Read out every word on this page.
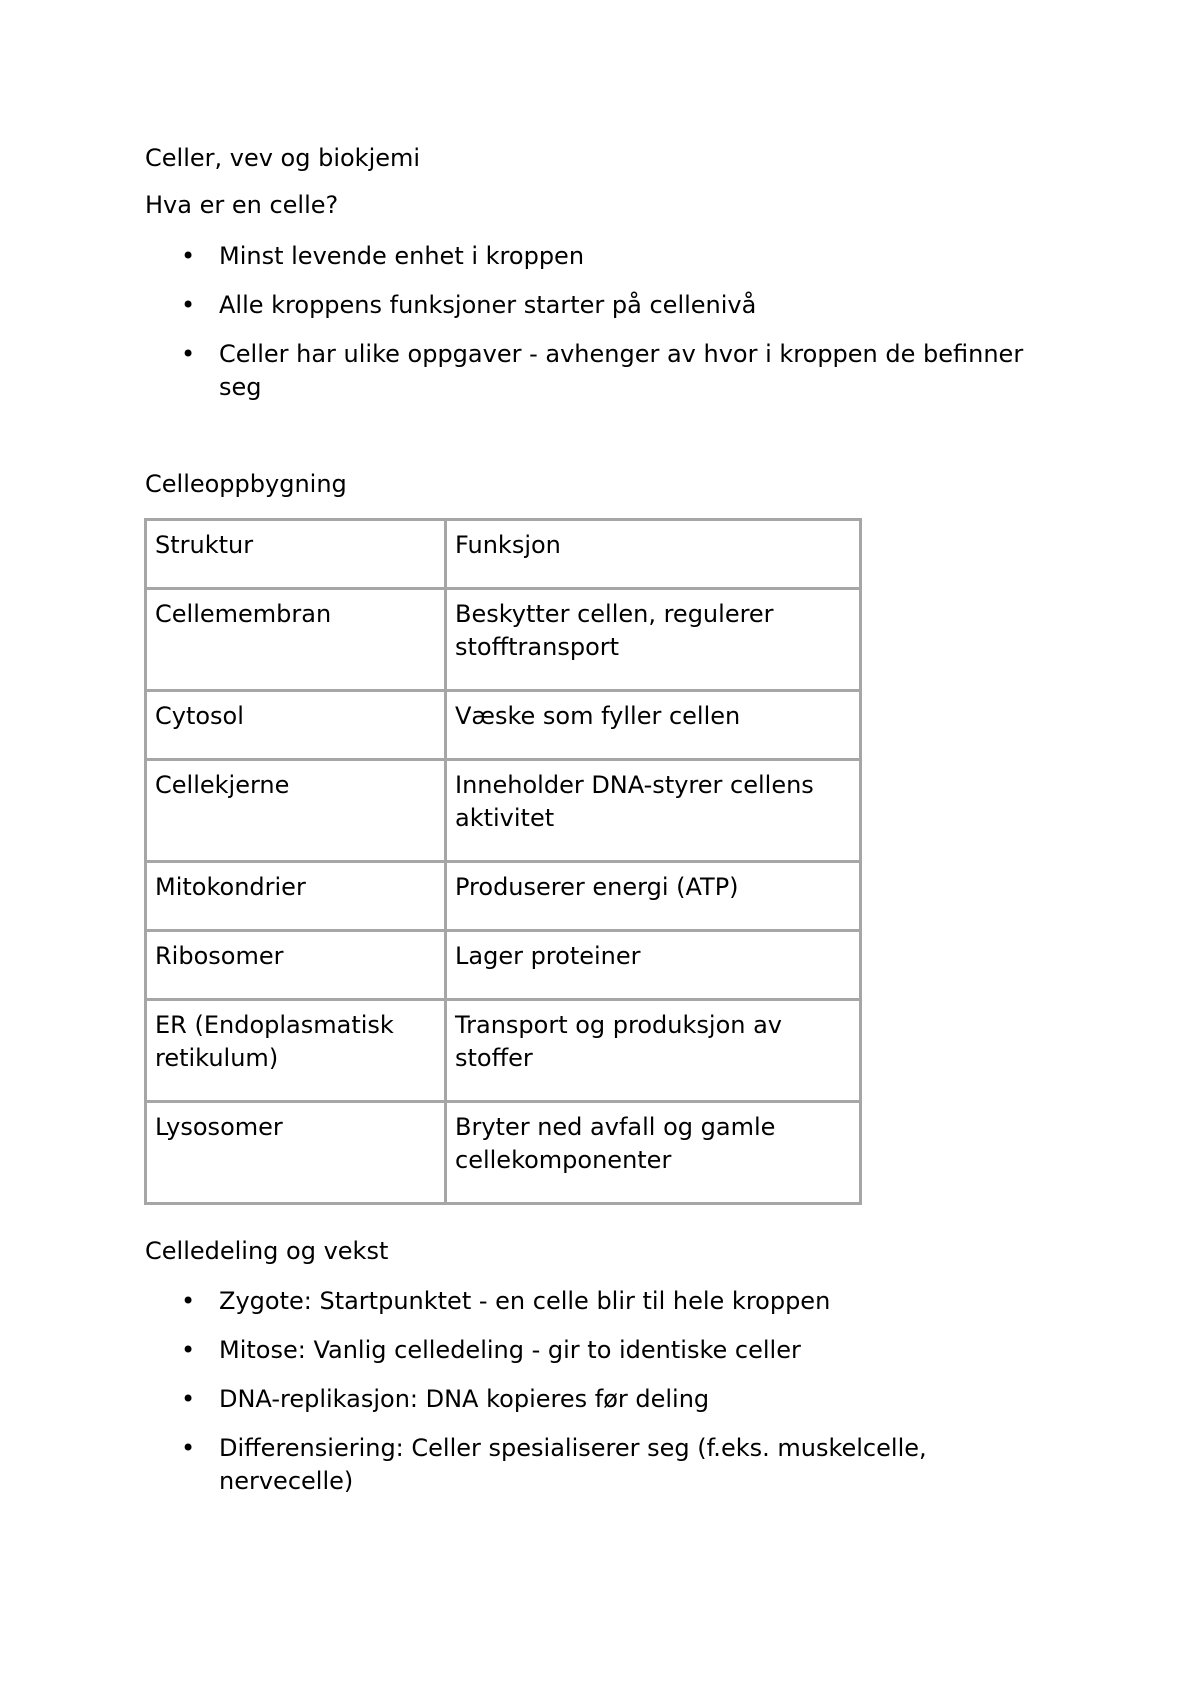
Celler, vev og biokjemi
Hva er en celle?
• Minst levende enhet i kroppen
• Alle kroppens funksjoner starter på cellenivå
• Celler har ulike oppgaver - avhenger av hvor i kroppen de befinner seg
Celleoppbygning
Struktur	Funksjon
Cellemembran	Beskytter cellen, regulerer stofftransport
Cytosol	Væske som fyller cellen
Cellekjerne	Inneholder DNA-styrer cellens aktivitet
Mitokondrier	Produserer energi (ATP)
Ribosomer	Lager proteiner
ER (Endoplasmatisk retikulum)	Transport og produksjon av stoffer
Lysosomer	Bryter ned avfall og gamle cellekomponenter
Celledeling og vekst
• Zygote: Startpunktet - en celle blir til hele kroppen
• Mitose: Vanlig celledeling - gir to identiske celler
• DNA-replikasjon: DNA kopieres før deling
• Differensiering: Celler spesialiserer seg (f.eks. muskelcelle, nervecelle)
